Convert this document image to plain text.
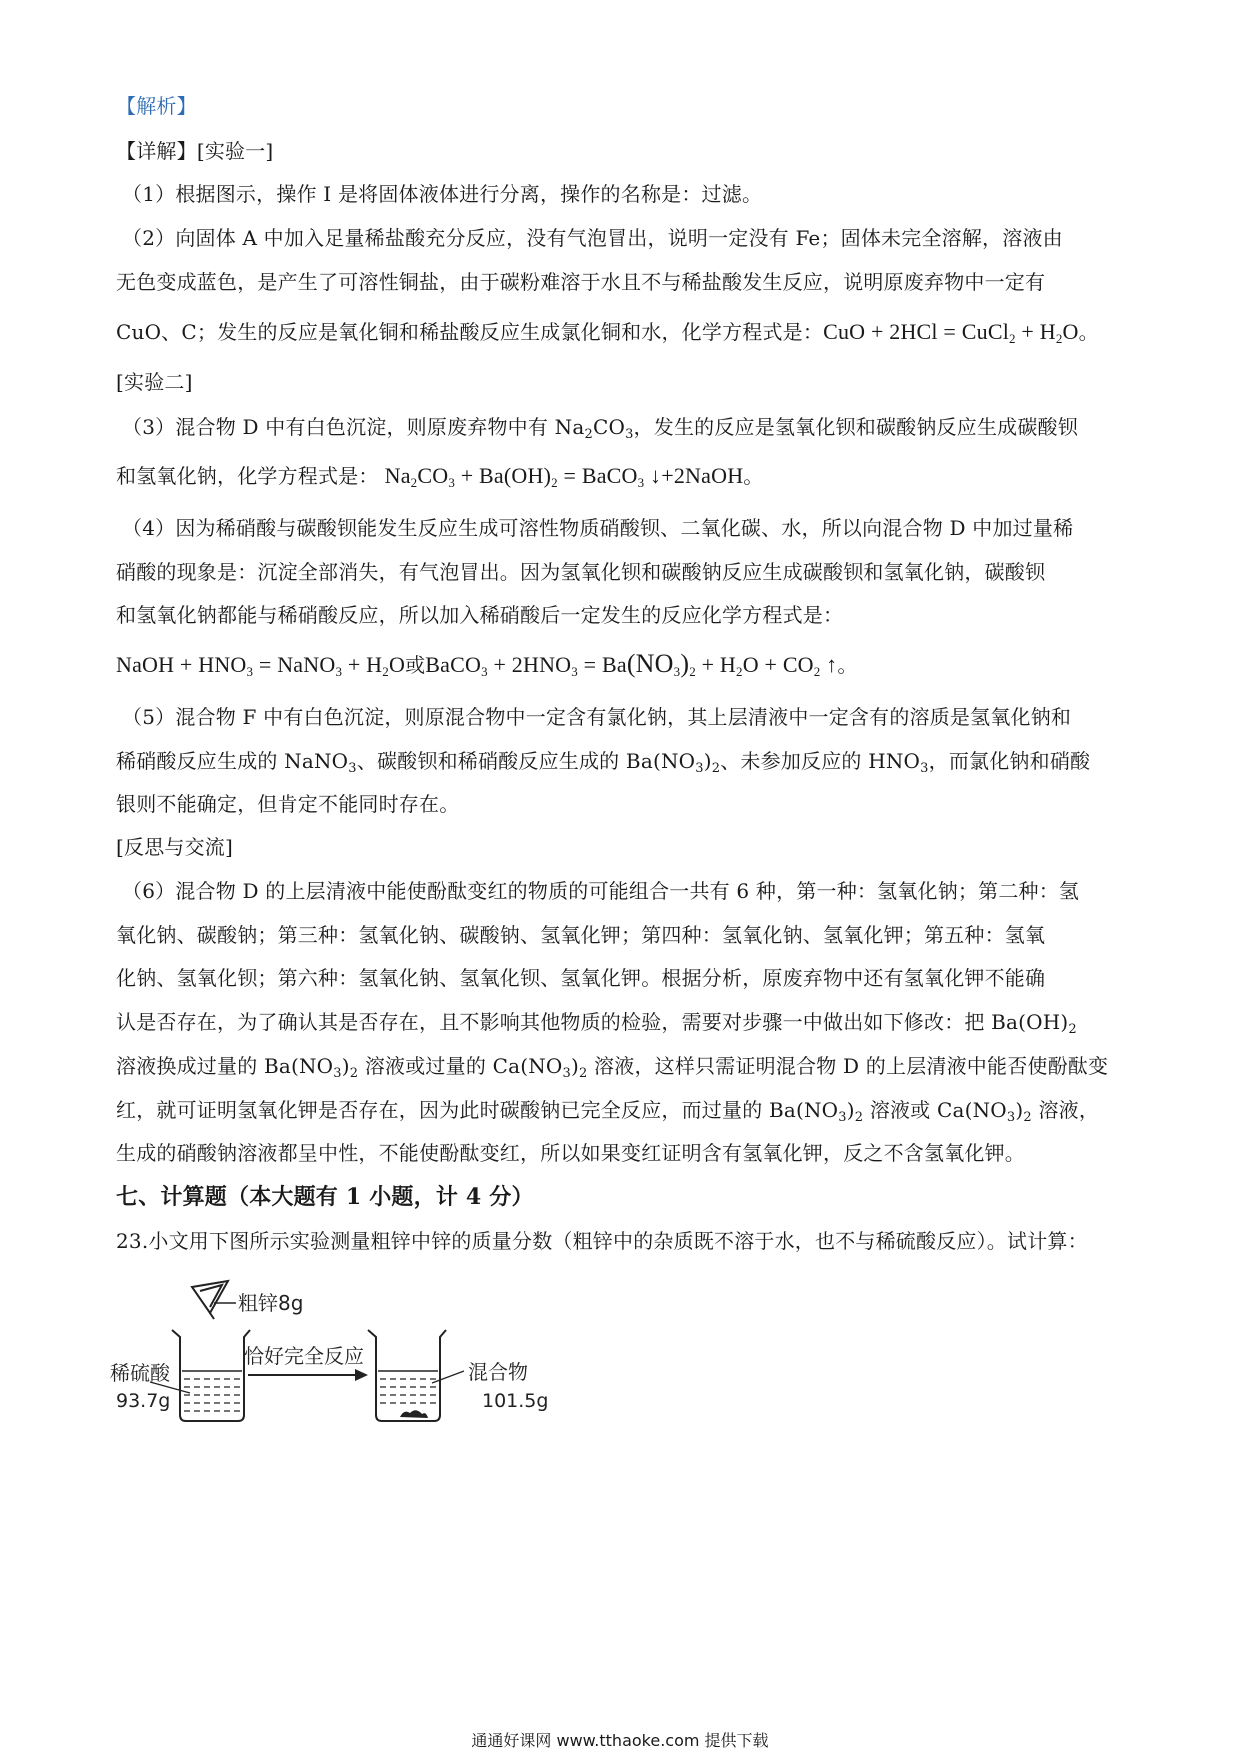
【解析】
【详解】[实验一]
（1）根据图示，操作 I 是将固体液体进行分离，操作的名称是：过滤。
（2）向固体 A 中加入足量稀盐酸充分反应，没有气泡冒出，说明一定没有 Fe；固体未完全溶解，溶液由
无色变成蓝色，是产生了可溶性铜盐，由于碳粉难溶于水且不与稀盐酸发生反应，说明原废弃物中一定有
CuO、C；发生的反应是氧化铜和稀盐酸反应生成氯化铜和水，化学方程式是：CuO + 2HCl = CuCl$_2$ + $H_2O$。
[实验二]
（3）混合物 D 中有白色沉淀，则原废弃物中有 $Na_2CO_3$，发生的反应是氢氧化钡和碳酸钠反应生成碳酸钡
和氢氧化钠，化学方程式是： $Na_2CO_3 + Ba(OH)_2$ = BaCO$_3$ ↓+2NaOH。
（4）因为稀硝酸与碳酸钡能发生反应生成可溶性物质硝酸钡、二氧化碳、水，所以向混合物 D 中加过量稀
硝酸的现象是：沉淀全部消失，有气泡冒出。因为氢氧化钡和碳酸钠反应生成碳酸钡和氢氧化钠，碳酸钡
和氢氧化钠都能与稀硝酸反应，所以加入稀硝酸后一定发生的反应化学方程式是：
NaOH + $HNO_3$ = NaNO$_3$ + $H_2O$或BaCO$_3$ + $2HNO_3 = Ba(NO_3)_2 + H_2O + CO_2$ ↑。
（5）混合物 F 中有白色沉淀，则原混合物中一定含有氯化钠，其上层清液中一定含有的溶质是氢氧化钠和
稀硝酸反应生成的 NaNO$_3$、碳酸钡和稀硝酸反应生成的 $Ba(NO_3)_2$、未参加反应的 $HNO_3$，而氯化钠和硝酸
银则不能确定，但肯定不能同时存在。
[反思与交流]
（6）混合物 D 的上层清液中能使酚酞变红的物质的可能组合一共有 6 种，第一种：氢氧化钠；第二种：氢
氧化钠、碳酸钠；第三种：氢氧化钠、碳酸钠、氢氧化钾；第四种：氢氧化钠、氢氧化钾；第五种：氢氧
化钠、氢氧化钡；第六种：氢氧化钠、氢氧化钡、氢氧化钾。根据分析，原废弃物中还有氢氧化钾不能确
认是否存在，为了确认其是否存在，且不影响其他物质的检验，需要对步骤一中做出如下修改：把 $Ba(OH)_2$
溶液换成过量的 $Ba(NO_3)_2$ 溶液或过量的 $Ca(NO_3)_2$ 溶液，这样只需证明混合物 D 的上层清液中能否使酚酞变
红，就可证明氢氧化钾是否存在，因为此时碳酸钠已完全反应，而过量的 $Ba(NO_3)_2$ 溶液或 $Ca(NO_3)_2$ 溶液，
生成的硝酸钠溶液都呈中性，不能使酚酞变红，所以如果变红证明含有氢氧化钾，反之不含氢氧化钾。
七、计算题（本大题有 1 小题，计 4 分）
23.小文用下图所示实验测量粗锌中锌的质量分数（粗锌中的杂质既不溶于水，也不与稀硫酸反应）。试计算：
粗锌8g
稀硫酸
93.7g
恰好完全反应
混合物
101.5g
通通好课网 www.tthaoke.com 提供下载
